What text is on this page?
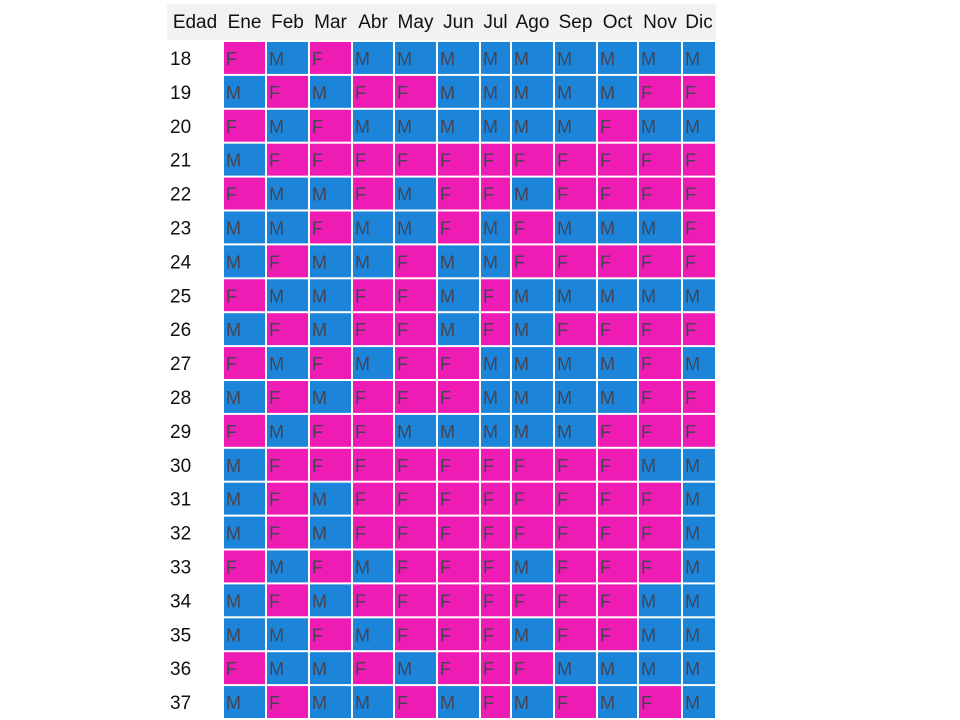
Edad Ene Feb Mar Abr May Jun Jul Ago Sep Oct Nov Dic
18 F M F M M M M M M M M M
19 M F M F F M M M M M F F
20 F M F M M M M M M F M M
21 M F F F F F F F F F F F
22 F M M F M F F M F F F F
23 M M F M M F M F M M M F
24 M F M M F M M F F F F F
25 F M M F F M F M M M M M
26 M F M F F M F M F F F F
27 F M F M F F M M M M F M
28 M F M F F F M M M M F F
29 F M F F M M M M M F F F
30 M F F F F F F F F F M M
31 M F M F F F F F F F F M
32 M F M F F F F F F F F M
33 F M F M F F F M F F F M
34 M F M F F F F F F F M M
35 M M F M F F F M F F M M
36 F M M F M F F F M M M M
37 M F M M F M F M F M F M
